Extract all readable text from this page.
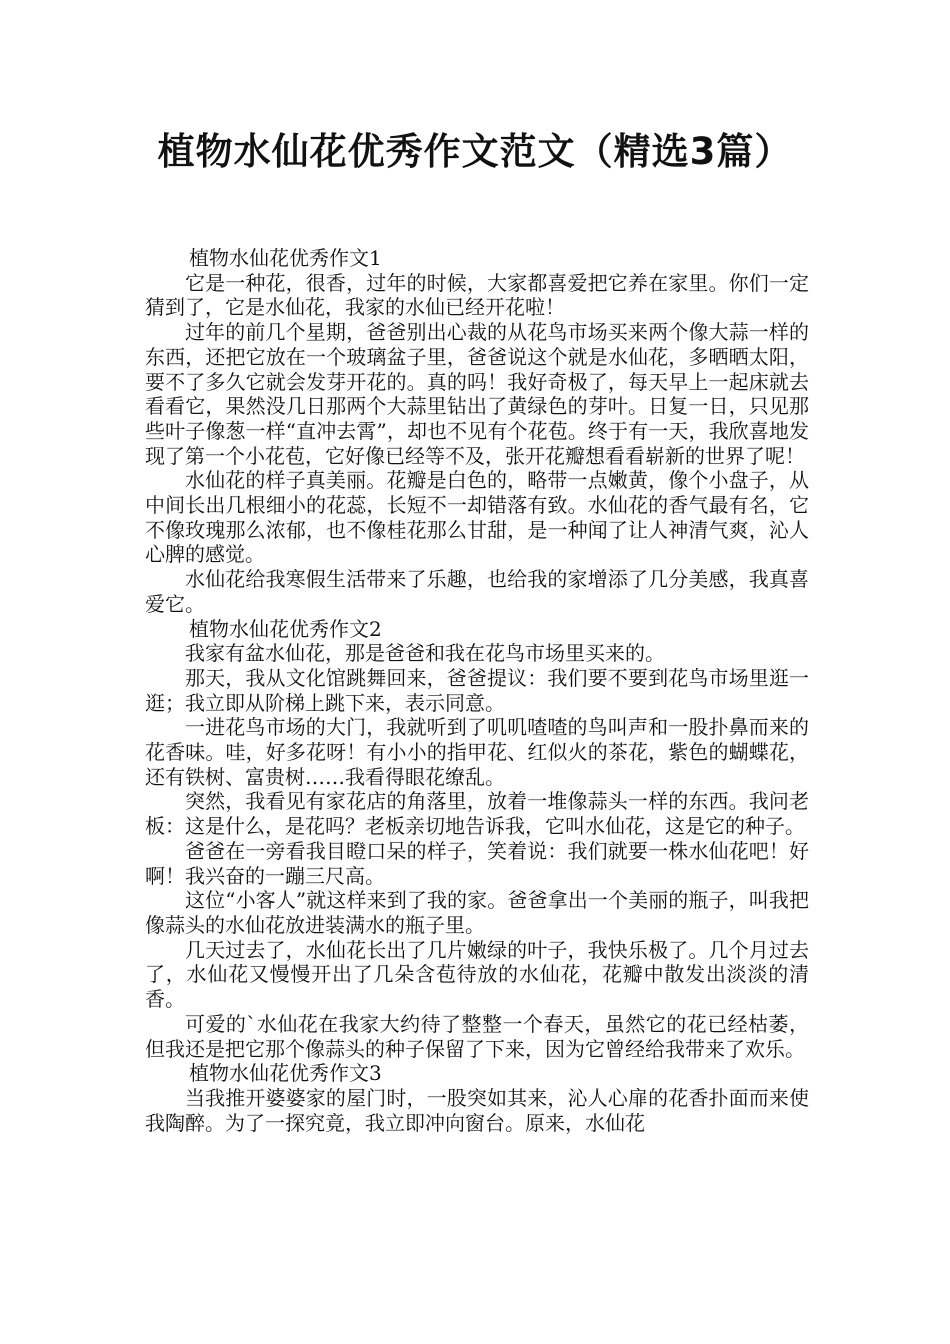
植物水仙花优秀作文范文（精选3篇）

植物水仙花优秀作文1

它是一种花，很香，过年的时候，大家都喜爱把它养在家里。你们一定猜到了，它是水仙花，我家的水仙已经开花啦！

过年的前几个星期，爸爸别出心裁的从花鸟市场买来两个像大蒜一样的东西，还把它放在一个玻璃盆子里，爸爸说这个就是水仙花，多晒晒太阳，要不了多久它就会发芽开花的。真的吗！我好奇极了，每天早上一起床就去看看它，果然没几日那两个大蒜里钻出了黄绿色的芽叶。日复一日，只见那些叶子像葱一样“直冲去霄”，却也不见有个花苞。终于有一天，我欣喜地发现了第一个小花苞，它好像已经等不及，张开花瓣想看看崭新的世界了呢！

水仙花的样子真美丽。花瓣是白色的，略带一点嫩黄，像个小盘子，从中间长出几根细小的花蕊，长短不一却错落有致。水仙花的香气最有名，它不像玫瑰那么浓郁，也不像桂花那么甘甜，是一种闻了让人神清气爽，沁人心脾的感觉。

水仙花给我寒假生活带来了乐趣，也给我的家增添了几分美感，我真喜爱它。

植物水仙花优秀作文2

我家有盆水仙花，那是爸爸和我在花鸟市场里买来的。

那天，我从文化馆跳舞回来，爸爸提议：我们要不要到花鸟市场里逛一逛；我立即从阶梯上跳下来，表示同意。

一进花鸟市场的大门，我就听到了叽叽喳喳的鸟叫声和一股扑鼻而来的花香味。哇，好多花呀！有小小的指甲花、红似火的茶花，紫色的蝴蝶花，还有铁树、富贵树……我看得眼花缭乱。

突然，我看见有家花店的角落里，放着一堆像蒜头一样的东西。我问老板：这是什么，是花吗？老板亲切地告诉我，它叫水仙花，这是它的种子。

爸爸在一旁看我目瞪口呆的样子，笑着说：我们就要一株水仙花吧！好啊！我兴奋的一蹦三尺高。

这位“小客人”就这样来到了我的家。爸爸拿出一个美丽的瓶子，叫我把像蒜头的水仙花放进装满水的瓶子里。

几天过去了，水仙花长出了几片嫩绿的叶子，我快乐极了。几个月过去了，水仙花又慢慢开出了几朵含苞待放的水仙花，花瓣中散发出淡淡的清香。

可爱的`水仙花在我家大约待了整整一个春天，虽然它的花已经枯萎，但我还是把它那个像蒜头的种子保留了下来，因为它曾经给我带来了欢乐。

植物水仙花优秀作文3

当我推开婆婆家的屋门时，一股突如其来，沁人心扉的花香扑面而来使我陶醉。为了一探究竟，我立即冲向窗台。原来，水仙花
